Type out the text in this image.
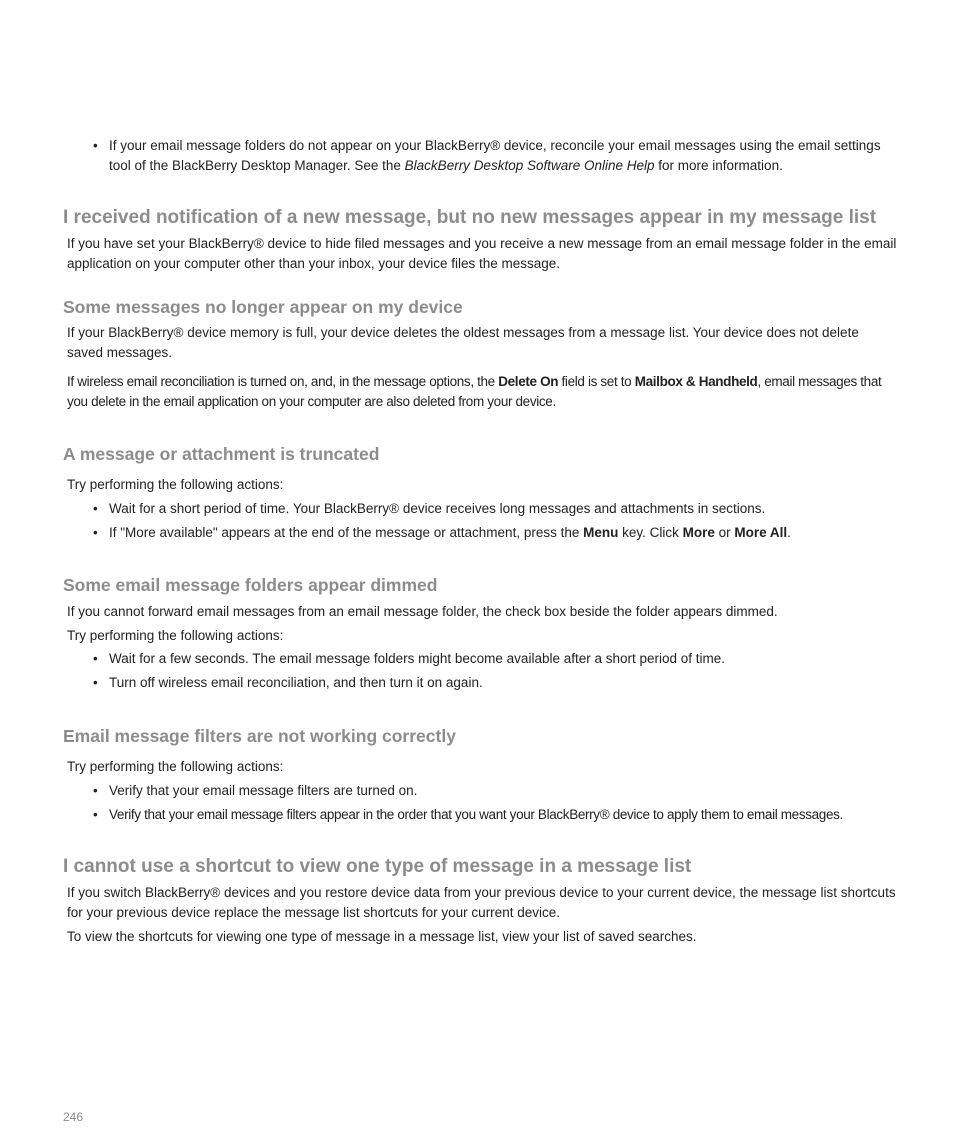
• If your email message folders do not appear on your BlackBerry® device, reconcile your email messages using the email settings tool of the BlackBerry Desktop Manager. See the BlackBerry Desktop Software Online Help for more information.
I received notification of a new message, but no new messages appear in my message list

If you have set your BlackBerry® device to hide filed messages and you receive a new message from an email message folder in the email application on your computer other than your inbox, your device files the message.

Some messages no longer appear on my device

If your BlackBerry® device memory is full, your device deletes the oldest messages from a message list. Your device does not delete saved messages.

If wireless email reconciliation is turned on, and, in the message options, the Delete On field is set to Mailbox & Handheld, email messages that you delete in the email application on your computer are also deleted from your device.

A message or attachment is truncated

Try performing the following actions:

• Wait for a short period of time. Your BlackBerry® device receives long messages and attachments in sections.
• If "More available" appears at the end of the message or attachment, press the Menu key. Click More or More All.
Some email message folders appear dimmed

If you cannot forward email messages from an email message folder, the check box beside the folder appears dimmed.

Try performing the following actions:

• Wait for a few seconds. The email message folders might become available after a short period of time.
• Turn off wireless email reconciliation, and then turn it on again.
Email message filters are not working correctly

Try performing the following actions:

• Verify that your email message filters are turned on.
• Verify that your email message filters appear in the order that you want your BlackBerry® device to apply them to email messages.
I cannot use a shortcut to view one type of message in a message list

If you switch BlackBerry® devices and you restore device data from your previous device to your current device, the message list shortcuts for your previous device replace the message list shortcuts for your current device.

To view the shortcuts for viewing one type of message in a message list, view your list of saved searches.

246
